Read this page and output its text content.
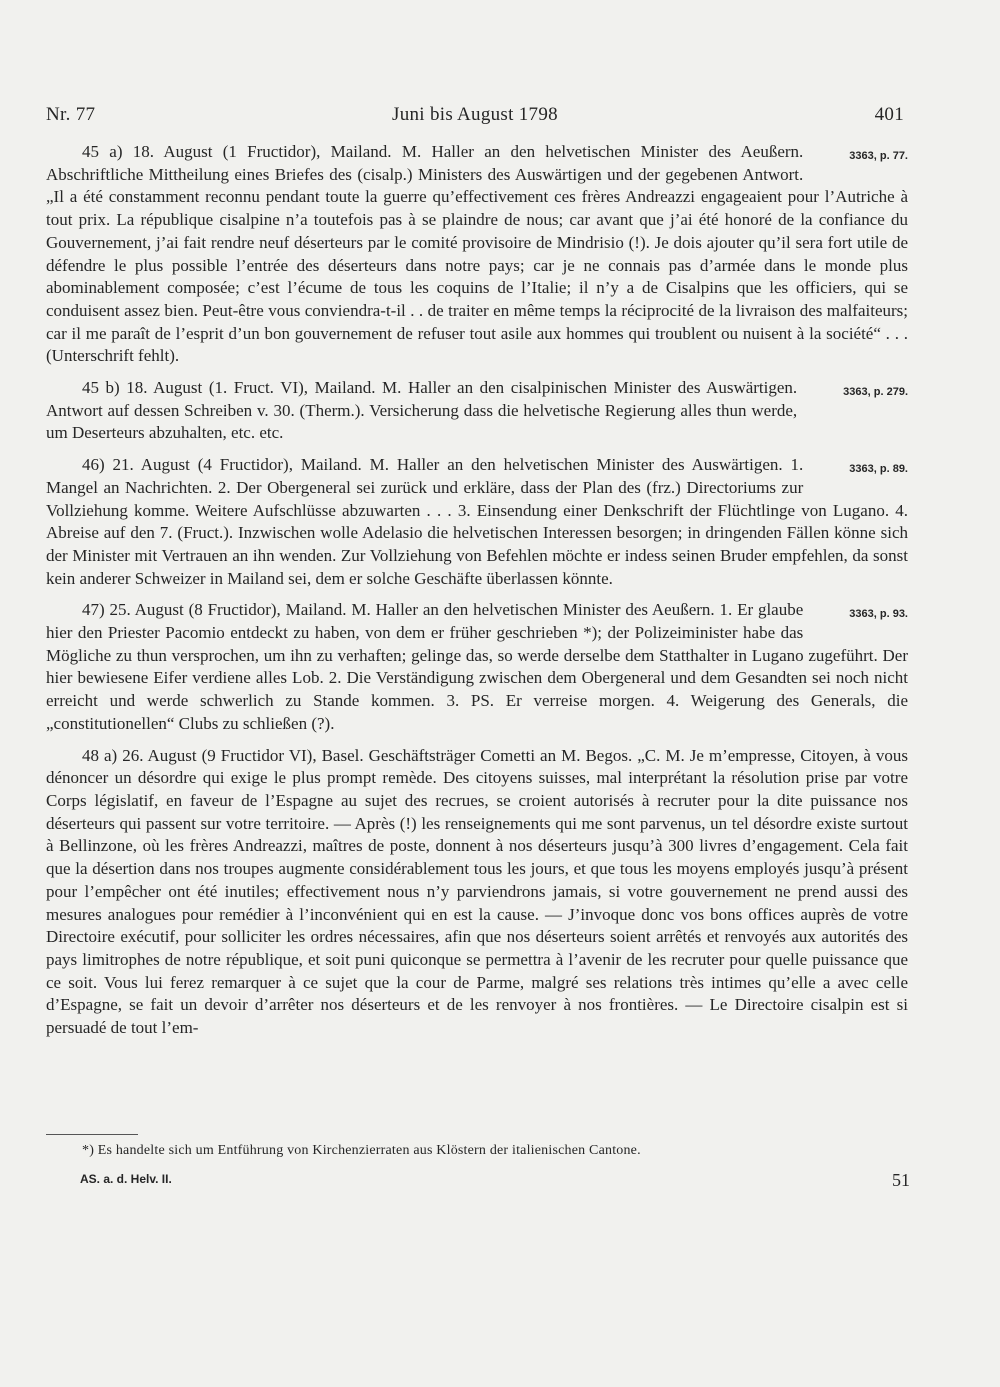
Nr. 77	Juni bis August 1798	401

3363, p. 77.
45 a) 18. August (1 Fructidor), Mailand. M. Haller an den helvetischen Minister des Aeußern. Abschriftliche Mittheilung eines Briefes des (cisalp.) Ministers des Auswärtigen und der gegebenen Antwort. „Il a été constamment reconnu pendant toute la guerre qu’effectivement ces frères Andreazzi engageaient pour l’Autriche à tout prix. La république cisalpine n’a toutefois pas à se plaindre de nous; car avant que j’ai été honoré de la confiance du Gouvernement, j’ai fait rendre neuf déserteurs par le comité provisoire de Mindrisio (!). Je dois ajouter qu’il sera fort utile de défendre le plus possible l’entrée des déserteurs dans notre pays; car je ne connais pas d’armée dans le monde plus abominablement composée; c’est l’écume de tous les coquins de l’Italie; il n’y a de Cisalpins que les officiers, qui se conduisent assez bien. Peut-être vous conviendra-t-il . . de traiter en même temps la réciprocité de la livraison des malfaiteurs; car il me paraît de l’esprit d’un bon gouvernement de refuser tout asile aux hommes qui troublent ou nuisent à la société“ . . . (Unterschrift fehlt).

3363, p. 279.
45 b) 18. August (1. Fruct. VI), Mailand. M. Haller an den cisalpinischen Minister des Auswärtigen. Antwort auf dessen Schreiben v. 30. (Therm.). Versicherung dass die helvetische Regierung alles thun werde, um Deserteurs abzuhalten, etc. etc.

3363, p. 89.
46) 21. August (4 Fructidor), Mailand. M. Haller an den helvetischen Minister des Auswärtigen. 1. Mangel an Nachrichten. 2. Der Obergeneral sei zurück und erkläre, dass der Plan des (frz.) Directoriums zur Vollziehung komme. Weitere Aufschlüsse abzuwarten . . . 3. Einsendung einer Denkschrift der Flüchtlinge von Lugano. 4. Abreise auf den 7. (Fruct.). Inzwischen wolle Adelasio die helvetischen Interessen besorgen; in dringenden Fällen könne sich der Minister mit Vertrauen an ihn wenden. Zur Vollziehung von Befehlen möchte er indess seinen Bruder empfehlen, da sonst kein anderer Schweizer in Mailand sei, dem er solche Geschäfte überlassen könnte.

3363, p. 93.
47) 25. August (8 Fructidor), Mailand. M. Haller an den helvetischen Minister des Aeußern. 1. Er glaube hier den Priester Pacomio entdeckt zu haben, von dem er früher geschrieben *); der Polizeiminister habe das Mögliche zu thun versprochen, um ihn zu verhaften; gelinge das, so werde derselbe dem Statthalter in Lugano zugeführt. Der hier bewiesene Eifer verdiene alles Lob. 2. Die Verständigung zwischen dem Obergeneral und dem Gesandten sei noch nicht erreicht und werde schwerlich zu Stande kommen. 3. PS. Er verreise morgen. 4. Weigerung des Generals, die „constitutionellen“ Clubs zu schließen (?).

48 a) 26. August (9 Fructidor VI), Basel. Geschäftsträger Cometti an M. Begos. „C. M. Je m’empresse, Citoyen, à vous dénoncer un désordre qui exige le plus prompt remède. Des citoyens suisses, mal interprétant la résolution prise par votre Corps législatif, en faveur de l’Espagne au sujet des recrues, se croient autorisés à recruter pour la dite puissance nos déserteurs qui passent sur votre territoire. — Après (!) les renseignements qui me sont parvenus, un tel désordre existe surtout à Bellinzone, où les frères Andreazzi, maîtres de poste, donnent à nos déserteurs jusqu’à 300 livres d’engagement. Cela fait que la désertion dans nos troupes augmente considérablement tous les jours, et que tous les moyens employés jusqu’à présent pour l’empêcher ont été inutiles; effectivement nous n’y parviendrons jamais, si votre gouvernement ne prend aussi des mesures analogues pour remédier à l’inconvénient qui en est la cause. — J’invoque donc vos bons offices auprès de votre Directoire exécutif, pour solliciter les ordres nécessaires, afin que nos déserteurs soient arrêtés et renvoyés aux autorités des pays limitrophes de notre république, et soit puni quiconque se permettra à l’avenir de les recruter pour quelle puissance que ce soit. Vous lui ferez remarquer à ce sujet que la cour de Parme, malgré ses relations très intimes qu’elle a avec celle d’Espagne, se fait un devoir d’arrêter nos déserteurs et de les renvoyer à nos frontières. — Le Directoire cisalpin est si persuadé de tout l’em-

*) Es handelte sich um Entführung von Kirchenzierraten aus Klöstern der italienischen Cantone.
AS. a. d. Helv. II.	51
